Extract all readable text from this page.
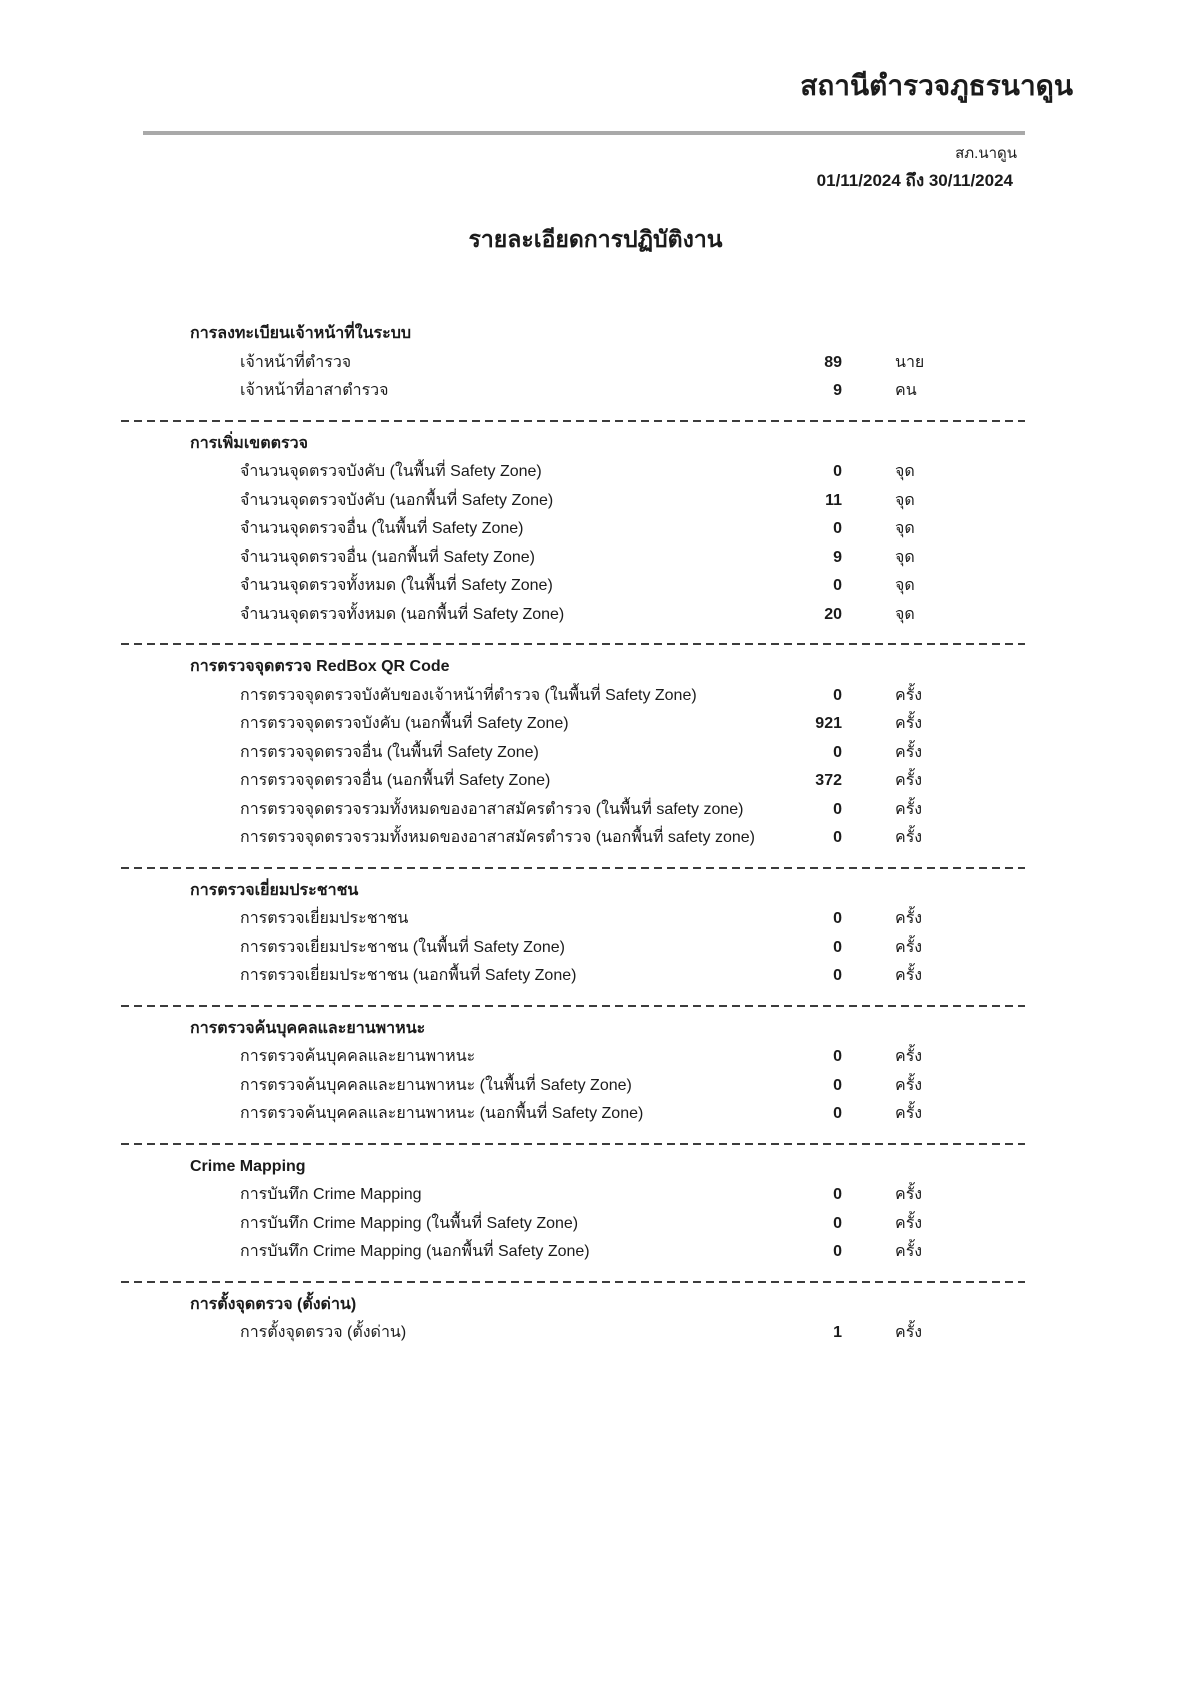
สถานีตำรวจภูธรนาดูน
สภ.นาดูน
01/11/2024 ถึง 30/11/2024
รายละเอียดการปฏิบัติงาน
การลงทะเบียนเจ้าหน้าที่ในระบบ
เจ้าหน้าที่ตำรวจ	89	นาย
เจ้าหน้าที่อาสาตำรวจ	9	คน
การเพิ่มเขตตรวจ
จำนวนจุดตรวจบังคับ (ในพื้นที่ Safety Zone)	0	จุด
จำนวนจุดตรวจบังคับ (นอกพื้นที่ Safety Zone)	11	จุด
จำนวนจุดตรวจอื่น (ในพื้นที่ Safety Zone)	0	จุด
จำนวนจุดตรวจอื่น (นอกพื้นที่ Safety Zone)	9	จุด
จำนวนจุดตรวจทั้งหมด (ในพื้นที่ Safety Zone)	0	จุด
จำนวนจุดตรวจทั้งหมด (นอกพื้นที่ Safety Zone)	20	จุด
การตรวจจุดตรวจ RedBox QR Code
การตรวจจุดตรวจบังคับของเจ้าหน้าที่ตำรวจ (ในพื้นที่ Safety Zone)	0	ครั้ง
การตรวจจุดตรวจบังคับ (นอกพื้นที่ Safety Zone)	921	ครั้ง
การตรวจจุดตรวจอื่น (ในพื้นที่ Safety Zone)	0	ครั้ง
การตรวจจุดตรวจอื่น (นอกพื้นที่ Safety Zone)	372	ครั้ง
การตรวจจุดตรวจรวมทั้งหมดของอาสาสมัครตำรวจ (ในพื้นที่ safety zone)	0	ครั้ง
การตรวจจุดตรวจรวมทั้งหมดของอาสาสมัครตำรวจ (นอกพื้นที่ safety zone)	0	ครั้ง
การตรวจเยี่ยมประชาชน
การตรวจเยี่ยมประชาชน	0	ครั้ง
การตรวจเยี่ยมประชาชน (ในพื้นที่ Safety Zone)	0	ครั้ง
การตรวจเยี่ยมประชาชน (นอกพื้นที่ Safety Zone)	0	ครั้ง
การตรวจค้นบุคคลและยานพาหนะ
การตรวจค้นบุคคลและยานพาหนะ	0	ครั้ง
การตรวจค้นบุคคลและยานพาหนะ (ในพื้นที่ Safety Zone)	0	ครั้ง
การตรวจค้นบุคคลและยานพาหนะ (นอกพื้นที่ Safety Zone)	0	ครั้ง
Crime Mapping
การบันทึก Crime Mapping	0	ครั้ง
การบันทึก Crime Mapping (ในพื้นที่ Safety Zone)	0	ครั้ง
การบันทึก Crime Mapping (นอกพื้นที่ Safety Zone)	0	ครั้ง
การตั้งจุดตรวจ (ตั้งด่าน)
การตั้งจุดตรวจ (ตั้งด่าน)	1	ครั้ง
